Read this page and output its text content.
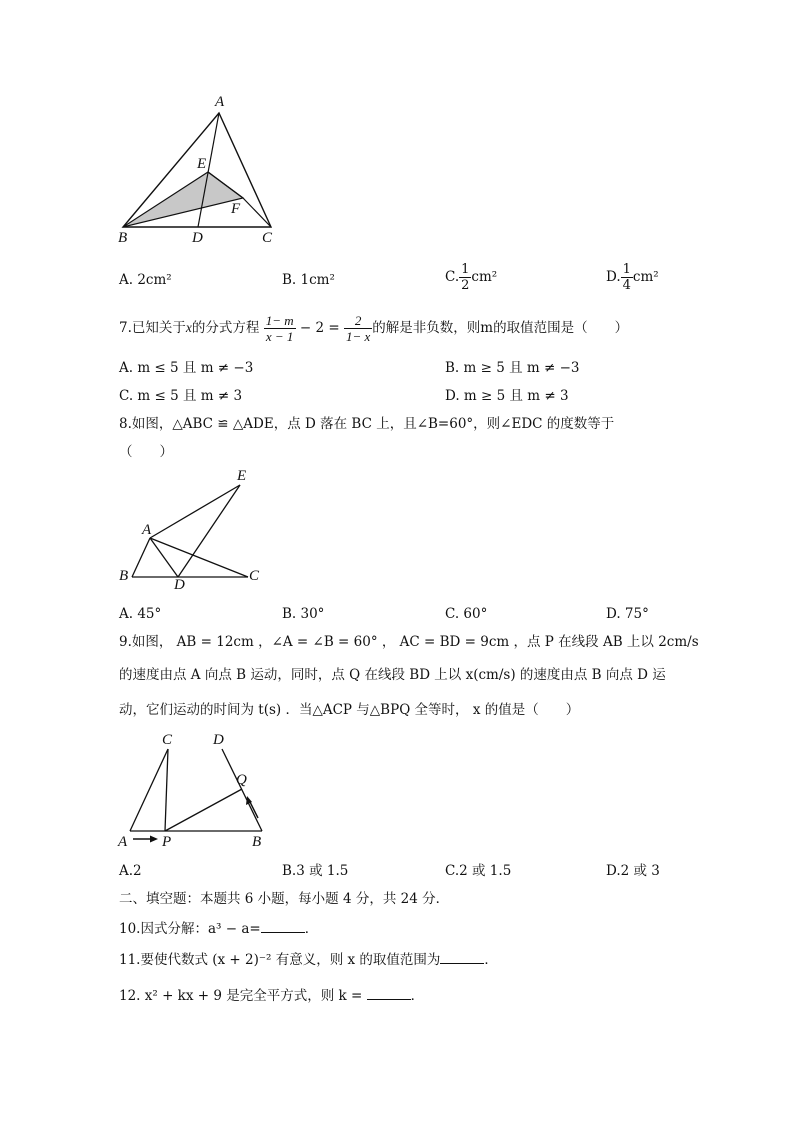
A
E
F
B	D	C
A. 2cm²	B. 1cm²	C. $\frac{1}{2} cm^2$	D. $\frac{1}{4} cm^2$
7.已知关于x的分式方程 $\frac{1- m}{x - 1} - 2 = \frac{2}{1- x}$ 的解是非负数，则m的取值范围是（　　）
A. m ≤ 5 且 m ≠ −3	B. m ≥ 5 且 m ≠ −3
C. m ≤ 5 且 m ≠ 3	D. m ≥ 5 且 m ≠ 3
8.如图，△ABC ≌ △ADE，点 D 落在 BC 上，且∠B=60°，则∠EDC 的度数等于
（　　）
E
A
B
D
C
A. 45°	B. 30°	C. 60°	D. 75°
9.如图， AB = 12cm ，∠A = ∠B = 60° ， AC = BD = 9cm ，点 P 在线段 AB 上以 2cm/s
的速度由点 A 向点 B 运动，同时，点 Q 在线段 BD 上以 x(cm/s) 的速度由点 B 向点 D 运
动，它们运动的时间为 t(s) ．当△ACP 与△BPQ 全等时， x 的值是（　　）
C	D
Q
A P	B
A.2	B.3 或 1.5	C.2 或 1.5	D.2 或 3
二、填空题：本题共 6 小题，每小题 4 分，共 24 分．
10.因式分解：a³ − a=	．
11.要使代数式 (x + 2)⁻² 有意义，则 x 的取值范围为	．
12. x² + kx + 9 是完全平方式，则 k =	．
